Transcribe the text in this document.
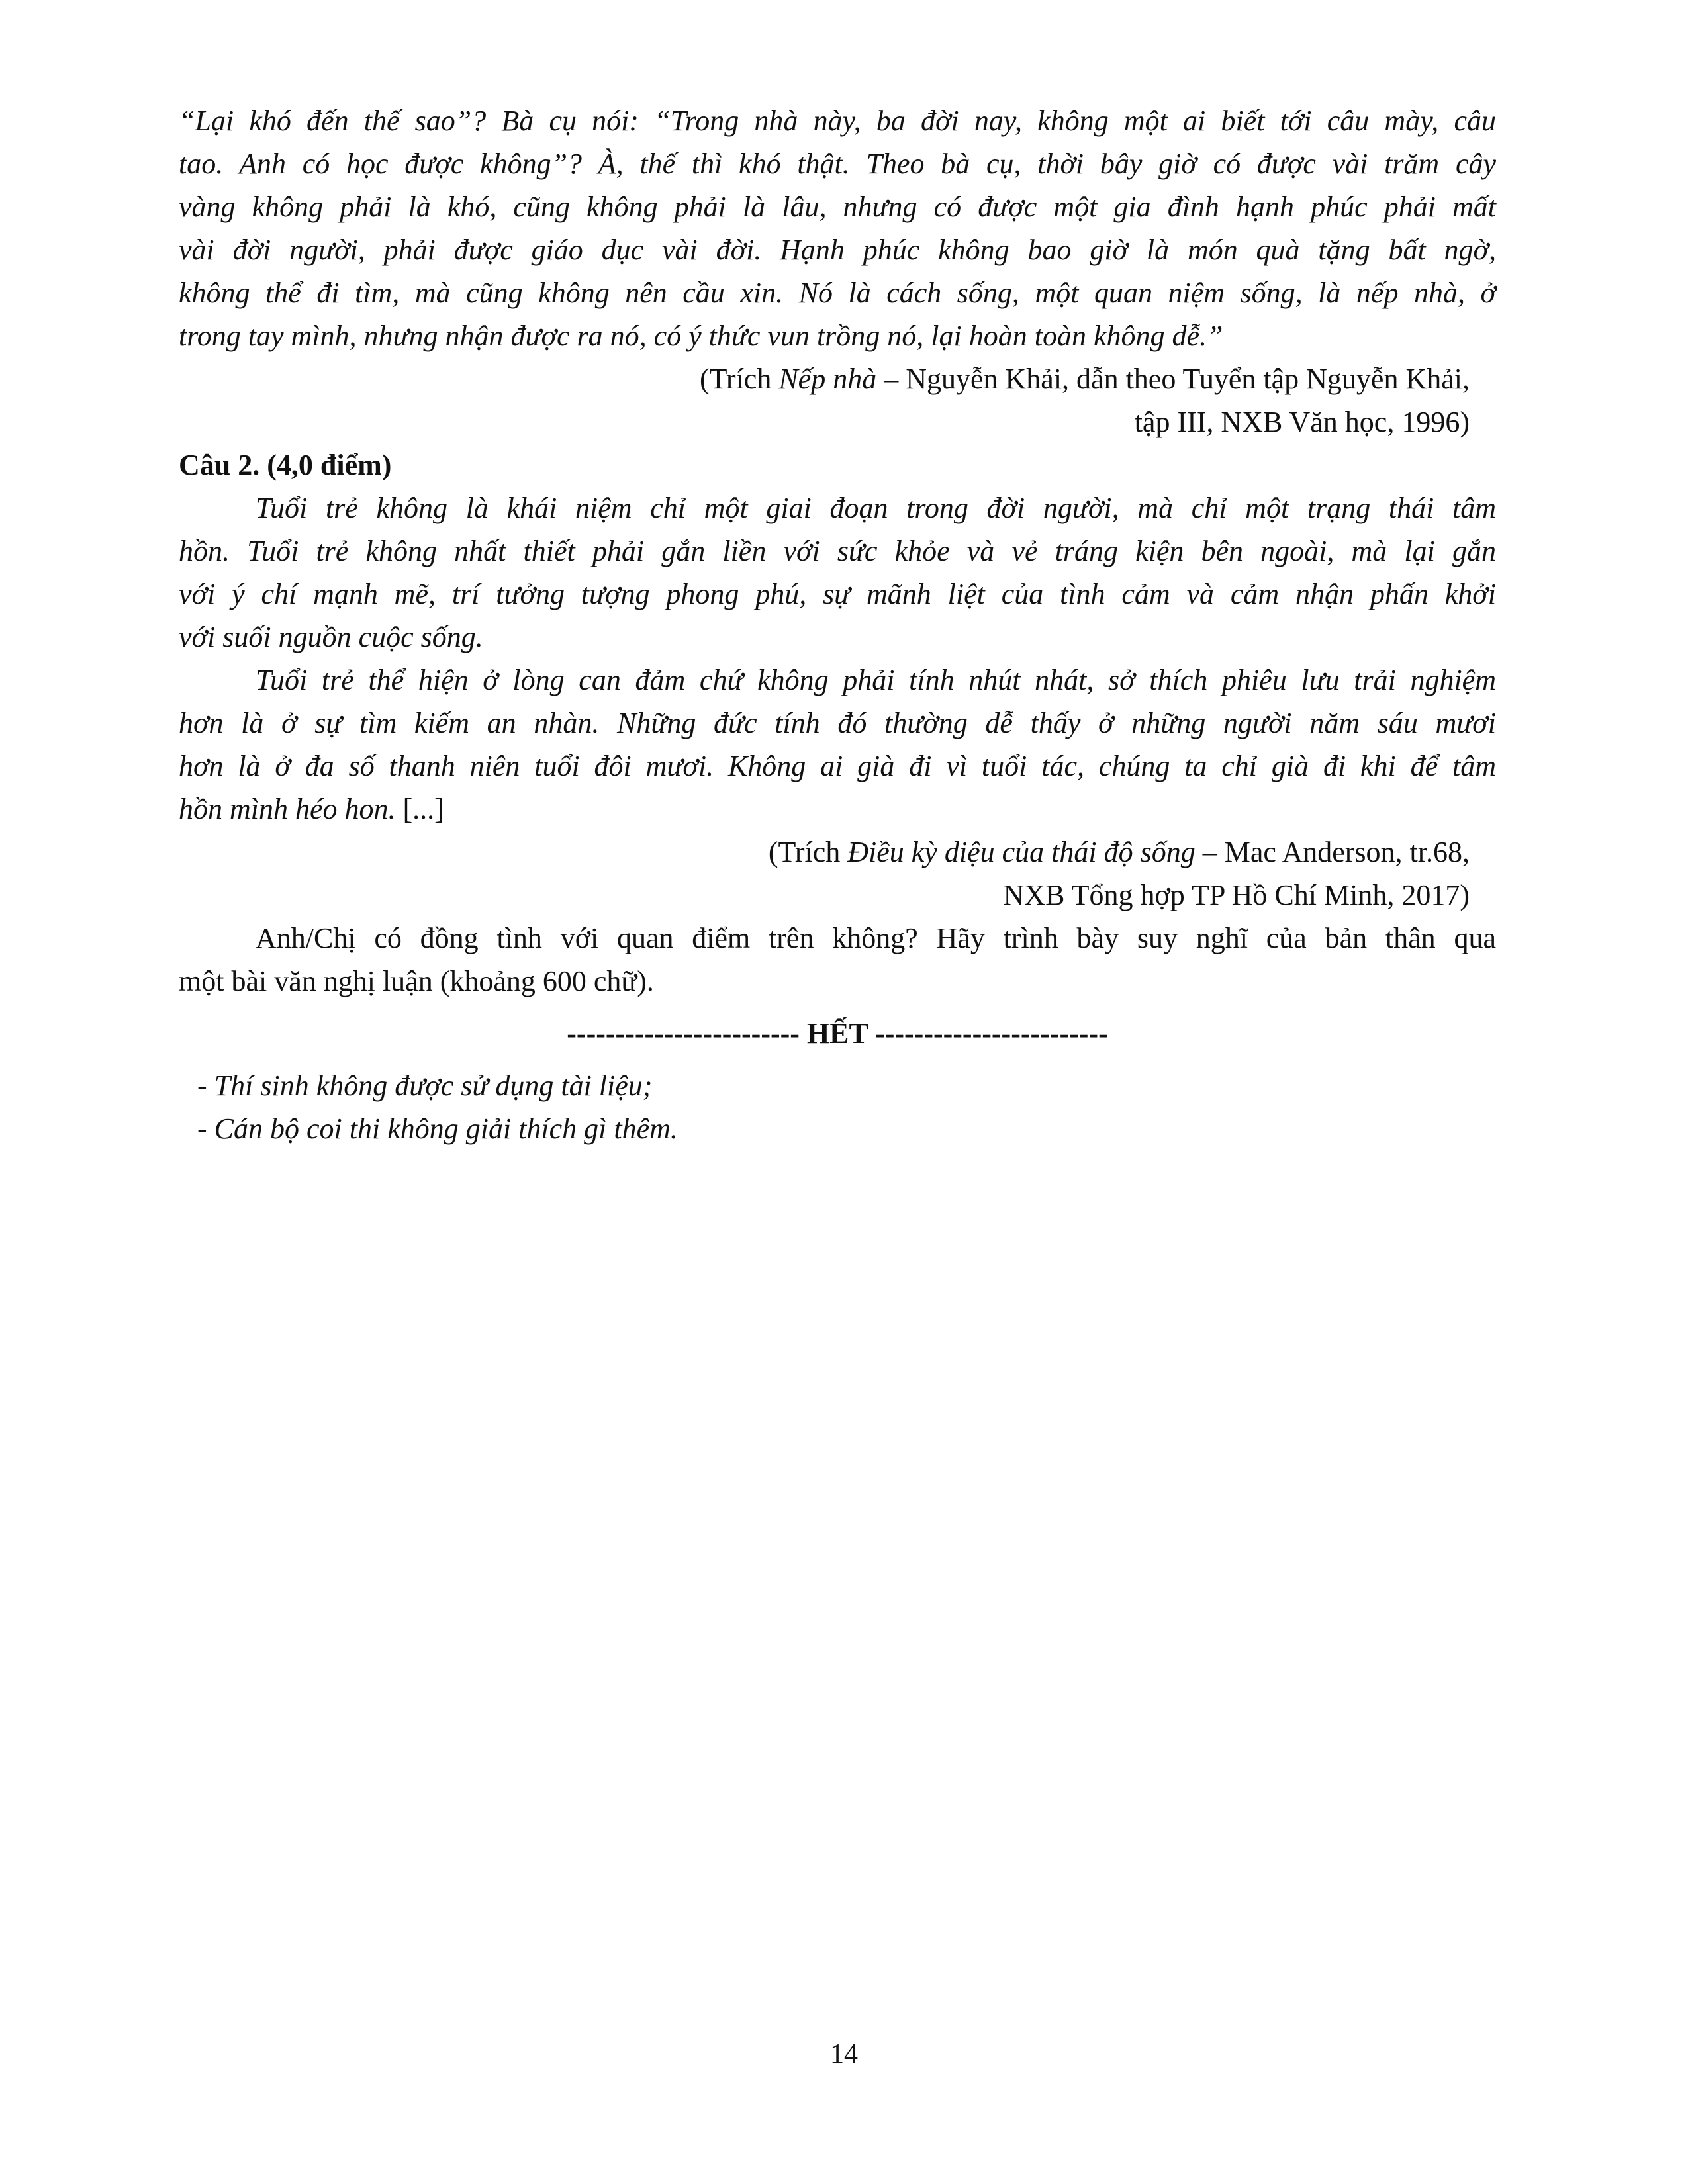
“Lại khó đến thế sao”? Bà cụ nói: “Trong nhà này, ba đời nay, không một ai biết tới câu mày, câu
tao. Anh có học được không”? À, thế thì khó thật. Theo bà cụ, thời bây giờ có được vài trăm cây
vàng không phải là khó, cũng không phải là lâu, nhưng có được một gia đình hạnh phúc phải mất
vài đời người, phải được giáo dục vài đời. Hạnh phúc không bao giờ là món quà tặng bất ngờ,
không thể đi tìm, mà cũng không nên cầu xin. Nó là cách sống, một quan niệm sống, là nếp nhà, ở
trong tay mình, nhưng nhận được ra nó, có ý thức vun trồng nó, lại hoàn toàn không dễ.”
(Trích Nếp nhà – Nguyễn Khải, dẫn theo Tuyển tập Nguyễn Khải,
tập III, NXB Văn học, 1996)
Câu 2. (4,0 điểm)
Tuổi trẻ không là khái niệm chỉ một giai đoạn trong đời người, mà chỉ một trạng thái tâm
hồn. Tuổi trẻ không nhất thiết phải gắn liền với sức khỏe và vẻ tráng kiện bên ngoài, mà lại gắn
với ý chí mạnh mẽ, trí tưởng tượng phong phú, sự mãnh liệt của tình cảm và cảm nhận phấn khởi
với suối nguồn cuộc sống.
Tuổi trẻ thể hiện ở lòng can đảm chứ không phải tính nhút nhát, sở thích phiêu lưu trải nghiệm
hơn là ở sự tìm kiếm an nhàn. Những đức tính đó thường dễ thấy ở những người năm sáu mươi
hơn là ở đa số thanh niên tuổi đôi mươi. Không ai già đi vì tuổi tác, chúng ta chỉ già đi khi để tâm
hồn mình héo hon. [...]
(Trích Điều kỳ diệu của thái độ sống – Mac Anderson, tr.68,
NXB Tổng hợp TP Hồ Chí Minh, 2017)
Anh/Chị có đồng tình với quan điểm trên không? Hãy trình bày suy nghĩ của bản thân qua
một bài văn nghị luận (khoảng 600 chữ).
------------------------ HẾT ------------------------
- Thí sinh không được sử dụng tài liệu;
- Cán bộ coi thi không giải thích gì thêm.
14
